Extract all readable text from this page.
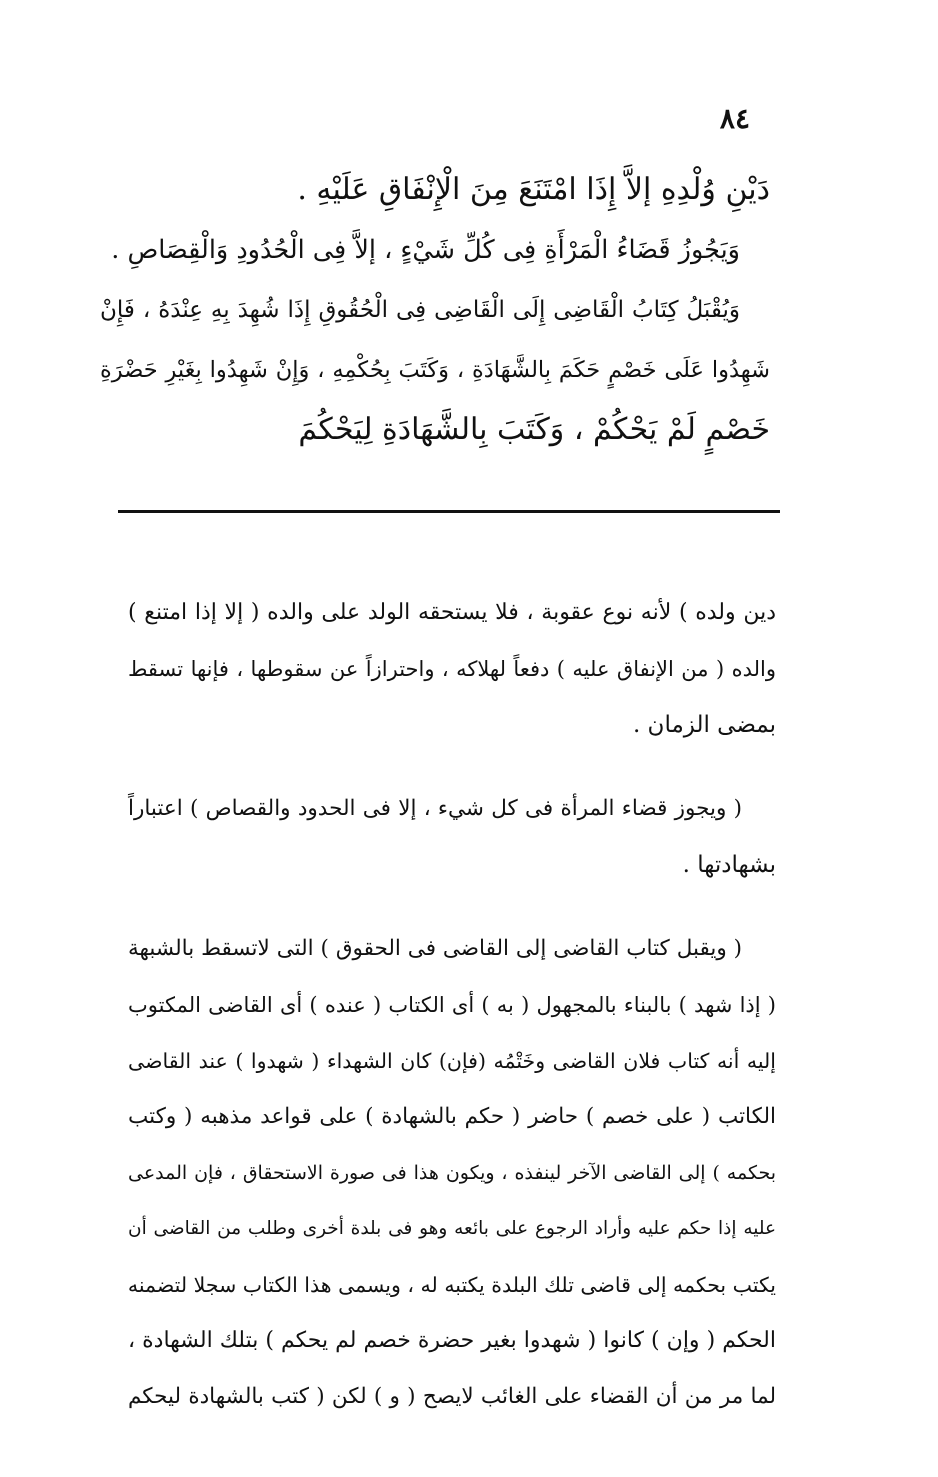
٨٤
دَيْنِ وُلْدِهِ إلاَّ إِذَا امْتَنَعَ مِنَ الْإِنْفَاقِ عَلَيْهِ .
وَيَجُوزُ قَضَاءُ الْمَرْأَةِ فِى كُلِّ شَيْءٍ ، إلاَّ فِى الْحُدُودِ وَالْقِصَاصِ .
وَيُقْبَلُ كِتَابُ الْقَاضِى إِلَى الْقَاضِى فِى الْحُقُوقِ إِذَا شُهِدَ بِهِ عِنْدَهُ ، فَإِنْ
شَهِدُوا عَلَى خَصْمٍ حَكَمَ بِالشَّهَادَةِ ، وَكَتَبَ بِحُكْمِهِ ، وَإِنْ شَهِدُوا بِغَيْرِ حَضْرَةِ
خَصْمٍ لَمْ يَحْكُمْ ، وَكَتَبَ بِالشَّهَادَةِ لِيَحْكُمَ
دين ولده ) لأنه نوع عقوبة ، فلا يستحقه الولد على والده ( إلا إذا امتنع )
والده ( من الإنفاق عليه ) دفعاً لهلاكه ، واحترازاً عن سقوطها ، فإنها تسقط
بمضى الزمان .
( ويجوز قضاء المرأة فى كل شيء ، إلا فى الحدود والقصاص ) اعتباراً
بشهادتها .
( ويقبل كتاب القاضى إلى القاضى فى الحقوق ) التى لاتسقط بالشبهة
( إذا شهد ) بالبناء بالمجهول ( به ) أى الكتاب ( عنده ) أى القاضى المكتوب
إليه أنه كتاب فلان القاضى وخَتْمُه (فإن) كان الشهداء ( شهدوا ) عند القاضى
الكاتب ( على خصم ) حاضر ( حكم بالشهادة ) على قواعد مذهبه ( وكتب
بحكمه ) إلى القاضى الآخر لينفذه ، ويكون هذا فى صورة الاستحقاق ، فإن المدعى
عليه إذا حكم عليه وأراد الرجوع على بائعه وهو فى بلدة أخرى وطلب من القاضى أن
يكتب بحكمه إلى قاضى تلك البلدة يكتبه له ، ويسمى هذا الكتاب سجلا لتضمنه
الحكم ( وإن ) كانوا ( شهدوا بغير حضرة خصم لم يحكم ) بتلك الشهادة ،
لما مر من أن القضاء على الغائب لايصح ( و ) لكن ( كتب بالشهادة ليحكم
